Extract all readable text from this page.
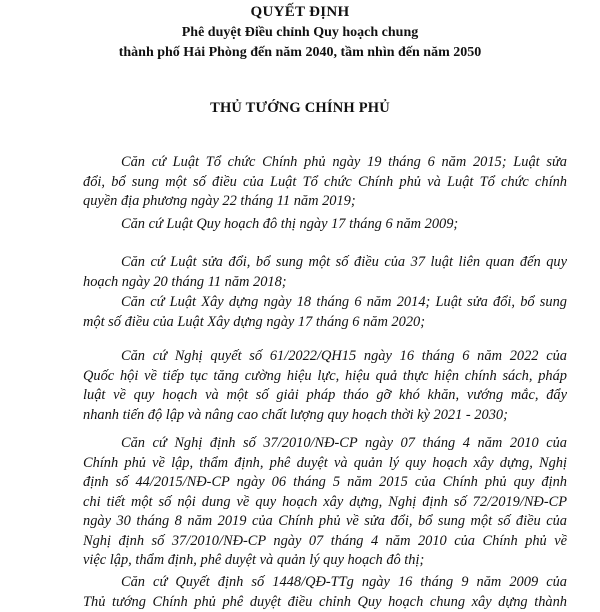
QUYẾT ĐỊNH
Phê duyệt Điều chỉnh Quy hoạch chung
thành phố Hải Phòng đến năm 2040, tầm nhìn đến năm 2050
THỦ TƯỚNG CHÍNH PHỦ
Căn cứ Luật Tổ chức Chính phủ ngày 19 tháng 6 năm 2015; Luật sửa
đổi, bổ sung một số điều của Luật Tổ chức Chính phủ và Luật Tổ chức chính
quyền địa phương ngày 22 tháng 11 năm 2019;
Căn cứ Luật Quy hoạch đô thị ngày 17 tháng 6 năm 2009;
Căn cứ Luật sửa đổi, bổ sung một số điều của 37 luật liên quan đến quy
hoạch ngày 20 tháng 11 năm 2018;
Căn cứ Luật Xây dựng ngày 18 tháng 6 năm 2014; Luật sửa đổi, bổ sung
một số điều của Luật Xây dựng ngày 17 tháng 6 năm 2020;
Căn cứ Nghị quyết số 61/2022/QH15 ngày 16 tháng 6 năm 2022 của
Quốc hội về tiếp tục tăng cường hiệu lực, hiệu quả thực hiện chính sách, pháp
luật về quy hoạch và một số giải pháp tháo gỡ khó khăn, vướng mắc, đẩy
nhanh tiến độ lập và nâng cao chất lượng quy hoạch thời kỳ 2021 - 2030;
Căn cứ Nghị định số 37/2010/NĐ-CP ngày 07 tháng 4 năm 2010 của
Chính phủ về lập, thẩm định, phê duyệt và quản lý quy hoạch xây dựng, Nghị
định số 44/2015/NĐ-CP ngày 06 tháng 5 năm 2015 của Chính phủ quy định
chi tiết một số nội dung về quy hoạch xây dựng, Nghị định số 72/2019/NĐ-CP
ngày 30 tháng 8 năm 2019 của Chính phủ về sửa đổi, bổ sung một số điều của
Nghị định số 37/2010/NĐ-CP ngày 07 tháng 4 năm 2010 của Chính phủ về
việc lập, thẩm định, phê duyệt và quản lý quy hoạch đô thị;
Căn cứ Quyết định số 1448/QĐ-TTg ngày 16 tháng 9 năm 2009 của
Thủ tướng Chính phủ phê duyệt điều chỉnh Quy hoạch chung xây dựng thành
